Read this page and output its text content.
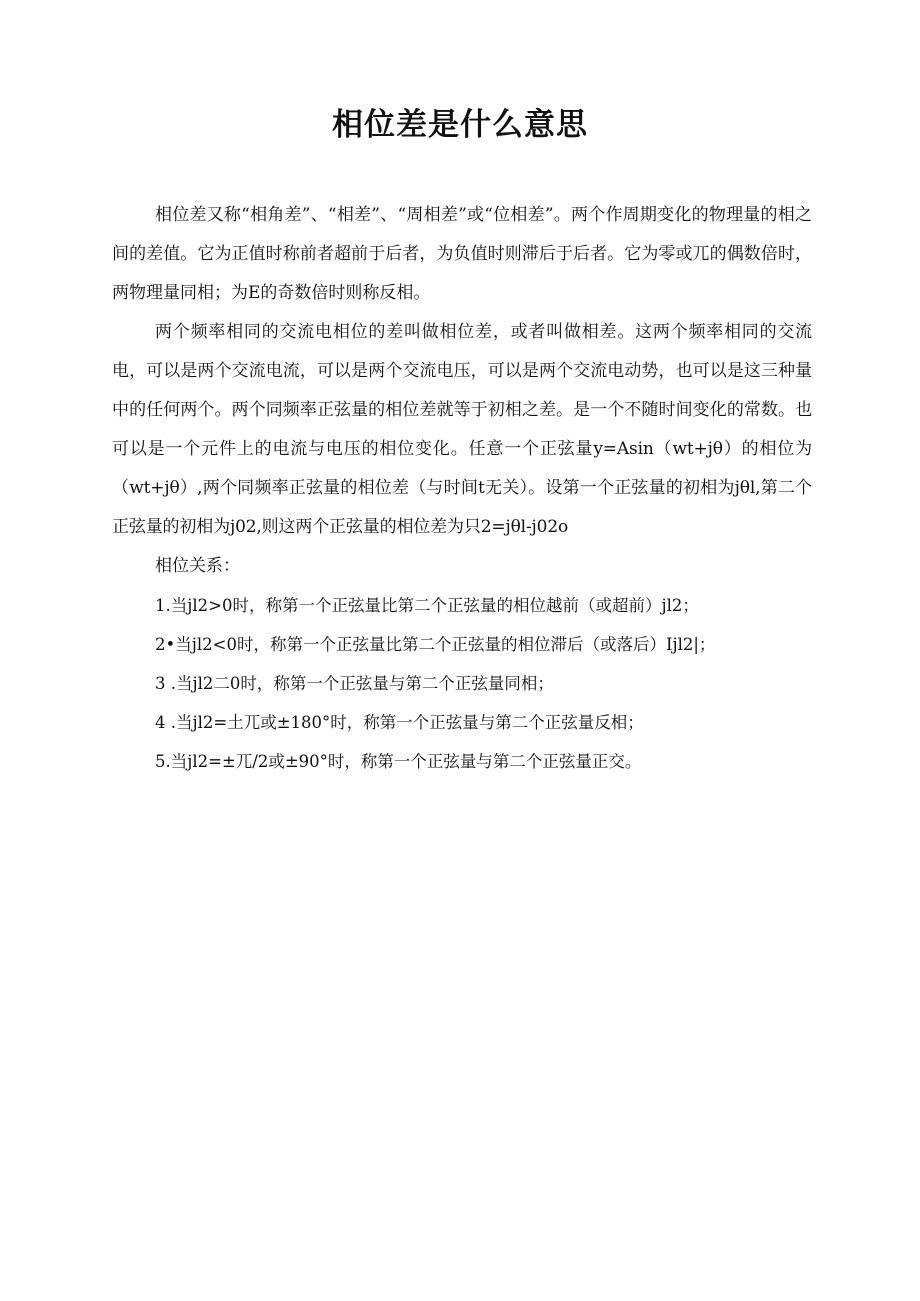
相位差是什么意思

相位差又称“相角差”、“相差”、“周相差”或“位相差”。两个作周期变化的物理量的相之间的差值。它为正值时称前者超前于后者，为负值时则滞后于后者。它为零或兀的偶数倍时，两物理量同相；为E的奇数倍时则称反相。

两个频率相同的交流电相位的差叫做相位差，或者叫做相差。这两个频率相同的交流电，可以是两个交流电流，可以是两个交流电压，可以是两个交流电动势，也可以是这三种量中的任何两个。两个同频率正弦量的相位差就等于初相之差。是一个不随时间变化的常数。也可以是一个元件上的电流与电压的相位变化。任意一个正弦量y=Asin（wt+jθ）的相位为（wt+jθ）,两个同频率正弦量的相位差（与时间t无关）。设第一个正弦量的初相为jθl,第二个正弦量的初相为j02,则这两个正弦量的相位差为只2=jθl-j02o

相位关系：

1.当jl2>0时，称第一个正弦量比第二个正弦量的相位越前（或超前）jl2；

2•当jl2<0时，称第一个正弦量比第二个正弦量的相位滞后（或落后）Ijl2|；

3 .当jl2二0时，称第一个正弦量与第二个正弦量同相；

4 .当jl2=土兀或±180°时，称第一个正弦量与第二个正弦量反相；

5.当jl2=±兀/2或±90°时，称第一个正弦量与第二个正弦量正交。
